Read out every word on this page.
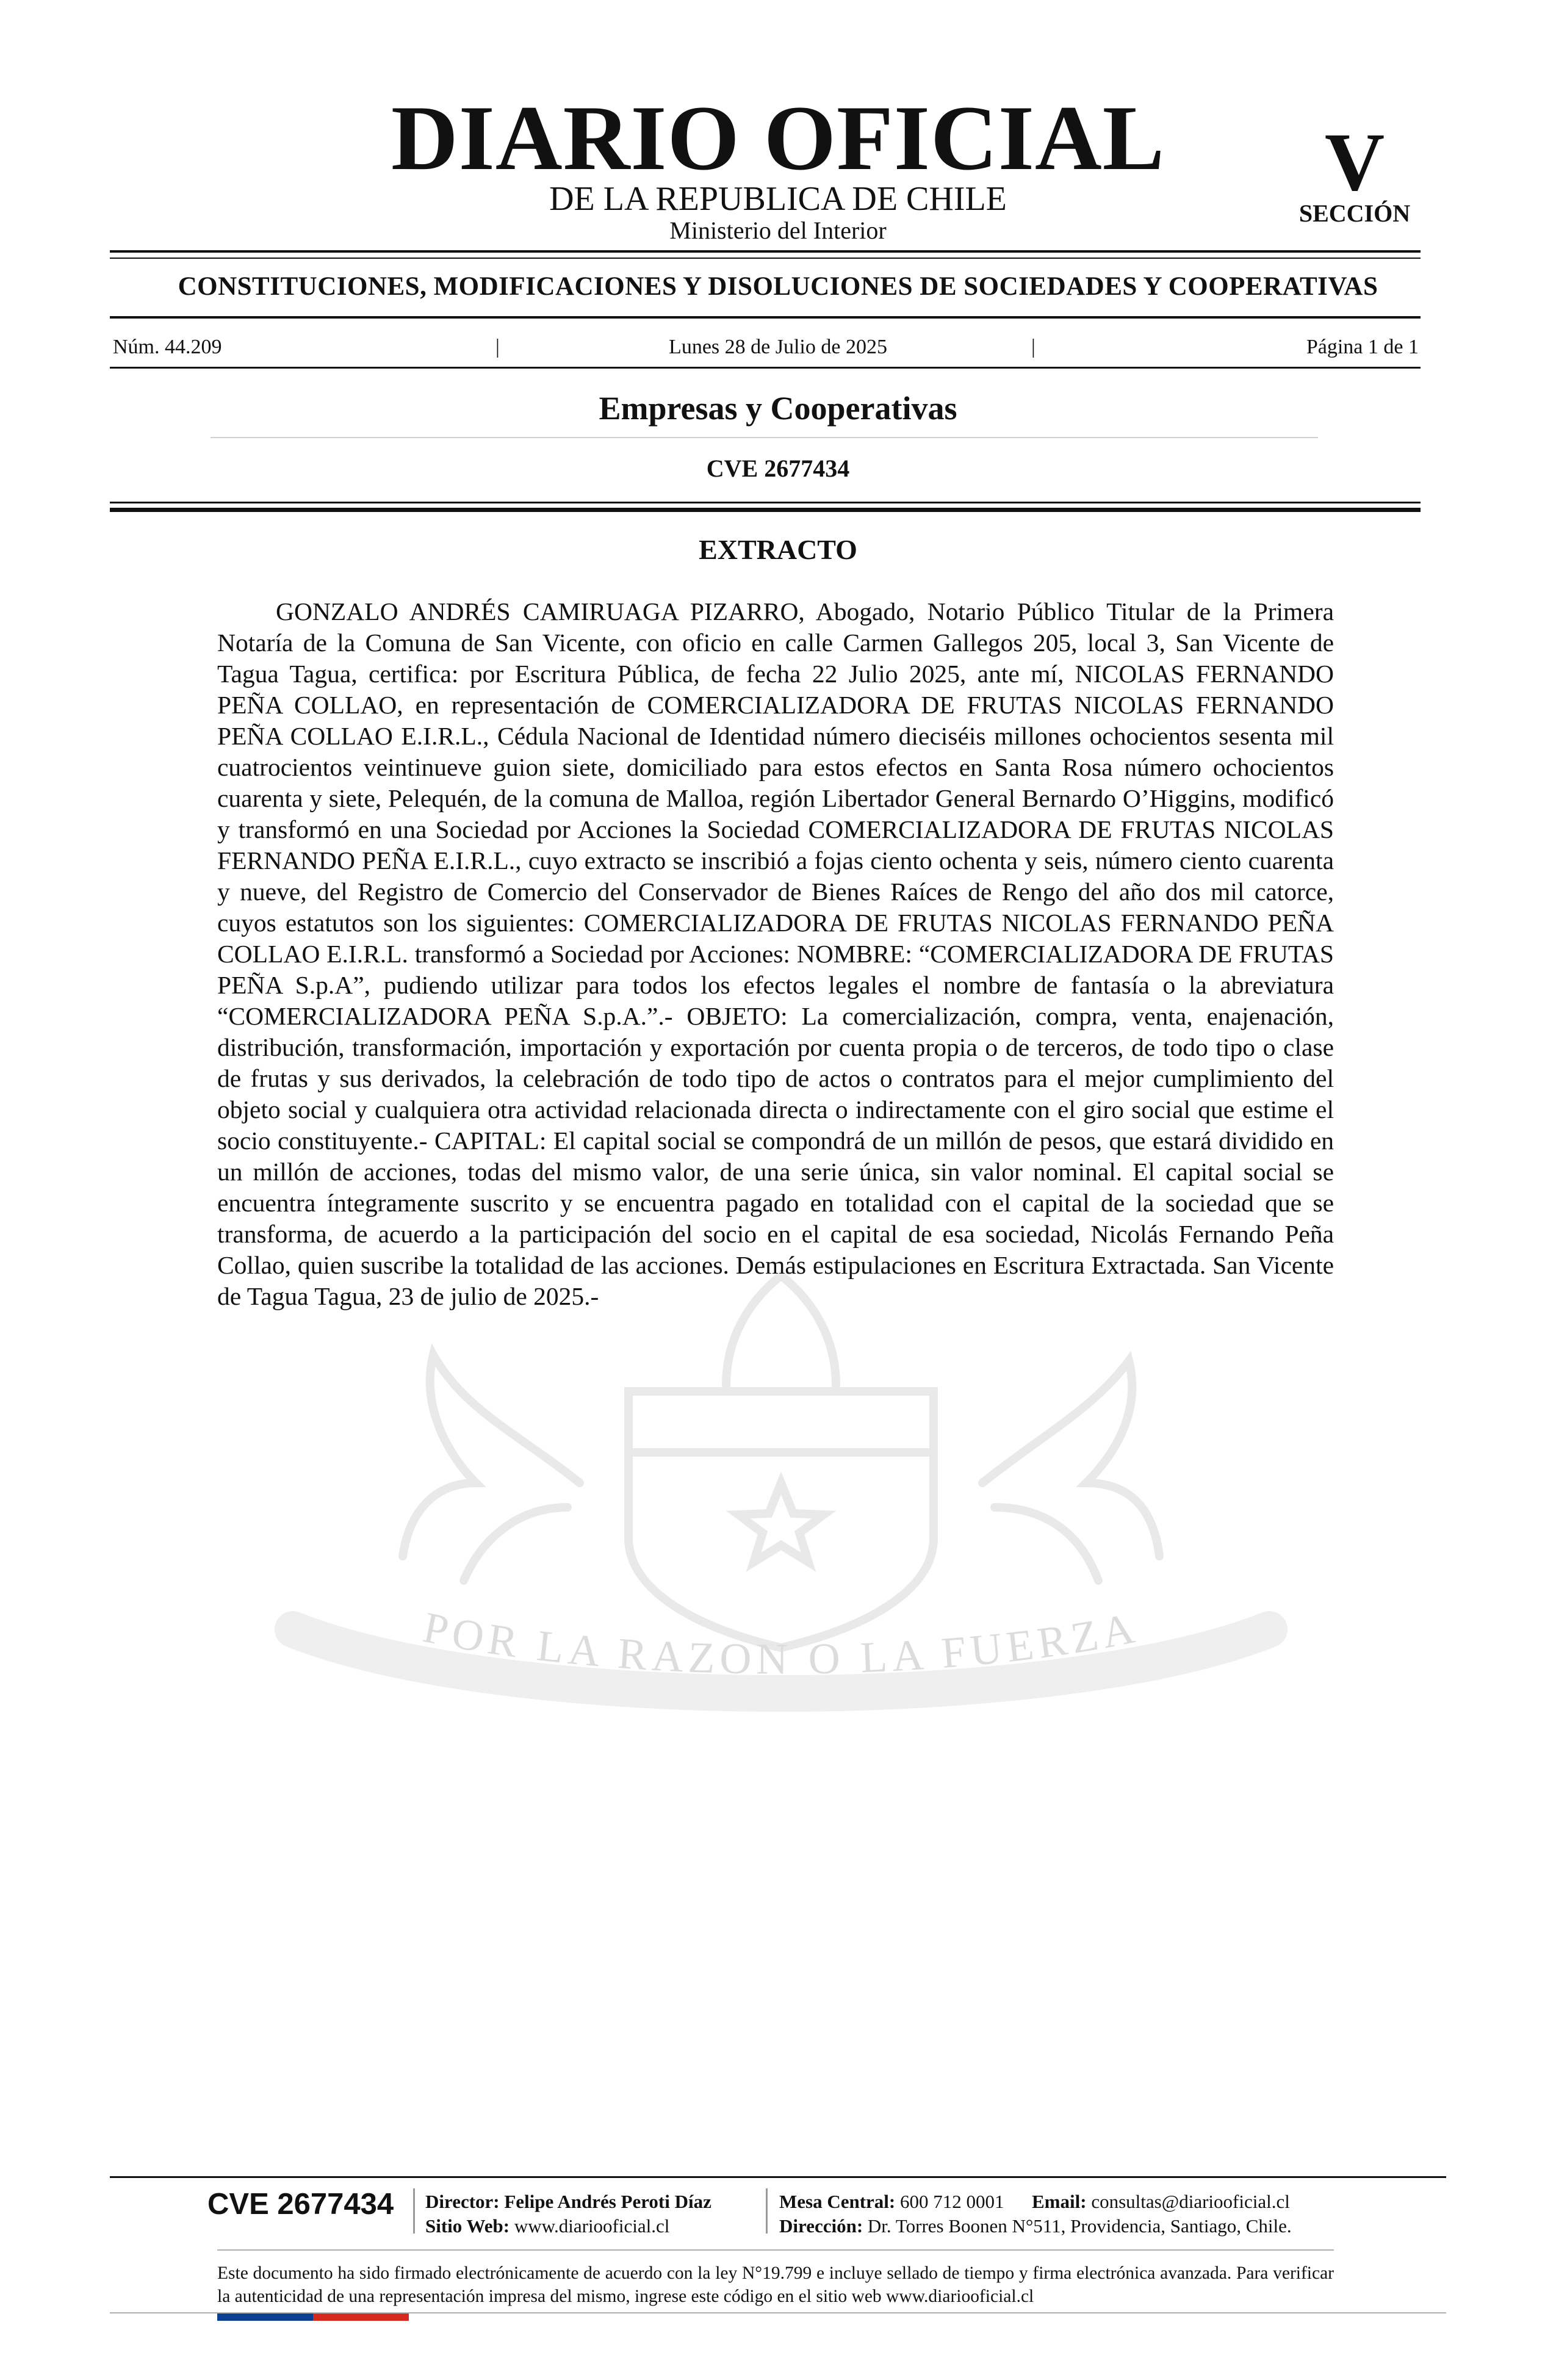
DIARIO OFICIAL
DE LA REPUBLICA DE CHILE
Ministerio del Interior
V
SECCIÓN
CONSTITUCIONES, MODIFICACIONES Y DISOLUCIONES DE SOCIEDADES Y COOPERATIVAS
Núm. 44.209	|	Lunes 28 de Julio de 2025	|	Página 1 de 1
Empresas y Cooperativas
CVE 2677434
EXTRACTO
POR LA RAZON O LA FUERZA

GONZALO ANDRÉS CAMIRUAGA PIZARRO, Abogado, Notario Público Titular de la Primera Notaría de la Comuna de San Vicente, con oficio en calle Carmen Gallegos 205, local 3, San Vicente de Tagua Tagua, certifica: por Escritura Pública, de fecha 22 Julio 2025, ante mí, NICOLAS FERNANDO PEÑA COLLAO, en representación de COMERCIALIZADORA DE FRUTAS NICOLAS FERNANDO PEÑA COLLAO E.I.R.L., Cédula Nacional de Identidad número dieciséis millones ochocientos sesenta mil cuatrocientos veintinueve guion siete, domiciliado para estos efectos en Santa Rosa número ochocientos cuarenta y siete, Pelequén, de la comuna de Malloa, región Libertador General Bernardo O’Higgins, modificó y transformó en una Sociedad por Acciones la Sociedad COMERCIALIZADORA DE FRUTAS NICOLAS FERNANDO PEÑA E.I.R.L., cuyo extracto se inscribió a fojas ciento ochenta y seis, número ciento cuarenta y nueve, del Registro de Comercio del Conservador de Bienes Raíces de Rengo del año dos mil catorce, cuyos estatutos son los siguientes: COMERCIALIZADORA DE FRUTAS NICOLAS FERNANDO PEÑA COLLAO E.I.R.L. transformó a Sociedad por Acciones: NOMBRE: “COMERCIALIZADORA DE FRUTAS PEÑA S.p.A”, pudiendo utilizar para todos los efectos legales el nombre de fantasía o la abreviatura “COMERCIALIZADORA PEÑA S.p.A.”.- OBJETO: La comercialización, compra, venta, enajenación, distribución, transformación, importación y exportación por cuenta propia o de terceros, de todo tipo o clase de frutas y sus derivados, la celebración de todo tipo de actos o contratos para el mejor cumplimiento del objeto social y cualquiera otra actividad relacionada directa o indirectamente con el giro social que estime el socio constituyente.- CAPITAL: El capital social se compondrá de un millón de pesos, que estará dividido en un millón de acciones, todas del mismo valor, de una serie única, sin valor nominal. El capital social se encuentra íntegramente suscrito y se encuentra pagado en totalidad con el capital de la sociedad que se transforma, de acuerdo a la participación del socio en el capital de esa sociedad, Nicolás Fernando Peña Collao, quien suscribe la totalidad de las acciones. Demás estipulaciones en Escritura Extractada. San Vicente de Tagua Tagua, 23 de julio de 2025.-

CVE 2677434 Director: Felipe Andrés Peroti Díaz
Sitio Web: www.diariooficial.cl
Mesa Central: 600 712 0001 Email: consultas@diariooficial.cl
Dirección: Dr. Torres Boonen N°511, Providencia, Santiago, Chile.

Este documento ha sido firmado electrónicamente de acuerdo con la ley N°19.799 e incluye sellado de tiempo y firma electrónica avanzada. Para verificar la autenticidad de una representación impresa del mismo, ingrese este código en el sitio web www.diariooficial.cl
